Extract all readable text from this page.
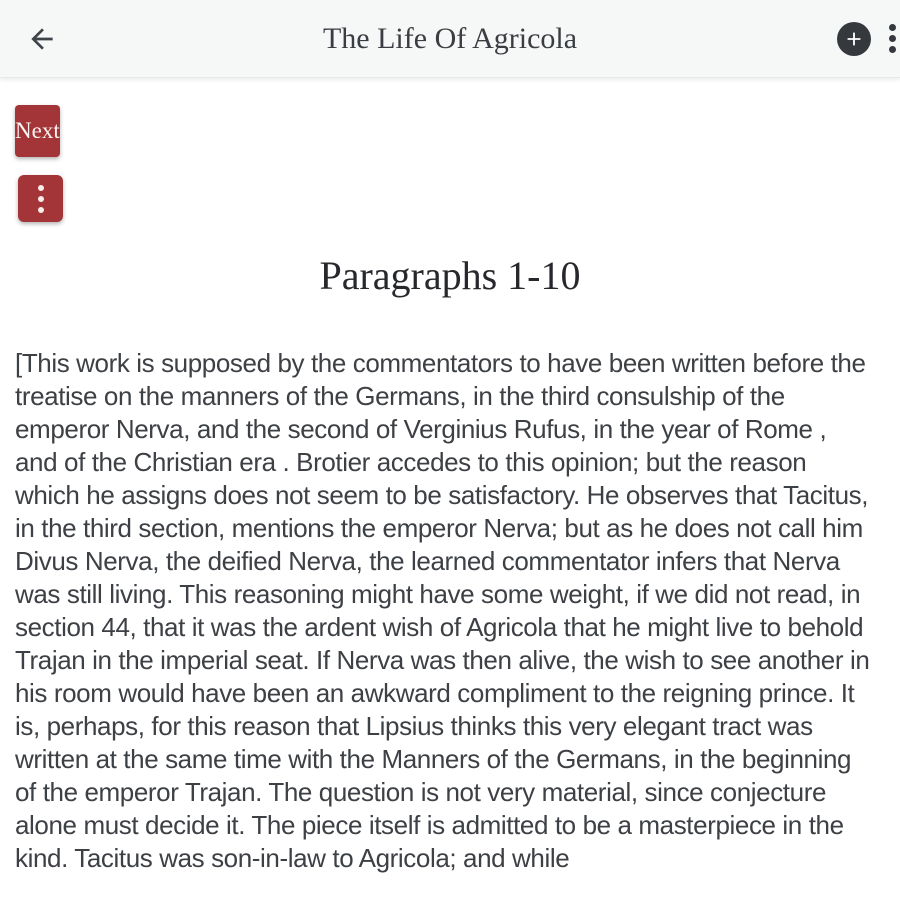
The Life Of Agricola
Next
Paragraphs 1-10

[This work is supposed by the commentators to have been written before the treatise on the manners of the Germans, in the third consulship of the emperor Nerva, and the second of Verginius Rufus, in the year of Rome , and of the Christian era . Brotier accedes to this opinion; but the reason which he assigns does not seem to be satisfactory. He observes that Tacitus, in the third section, mentions the emperor Nerva; but as he does not call him Divus Nerva, the deified Nerva, the learned commentator infers that Nerva was still living. This reasoning might have some weight, if we did not read, in section 44, that it was the ardent wish of Agricola that he might live to behold Trajan in the imperial seat. If Nerva was then alive, the wish to see another in his room would have been an awkward compliment to the reigning prince. It is, perhaps, for this reason that Lipsius thinks this very elegant tract was written at the same time with the Manners of the Germans, in the beginning of the emperor Trajan. The question is not very material, since conjecture alone must decide it. The piece itself is admitted to be a masterpiece in the kind. Tacitus was son-in-law to Agricola; and while
